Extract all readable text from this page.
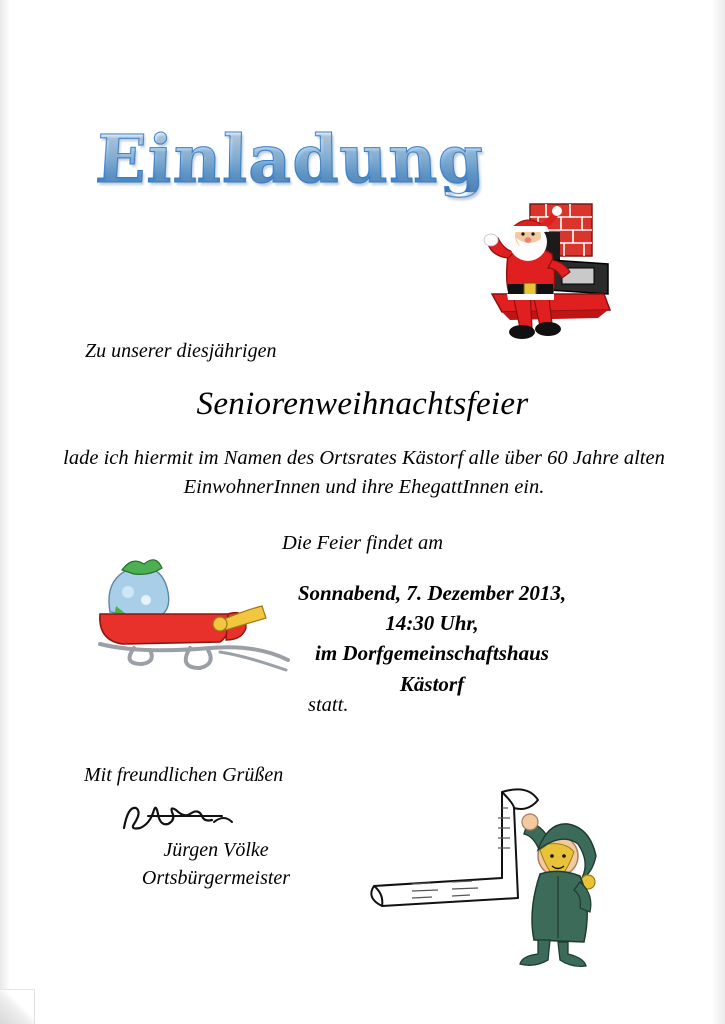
Einladung
Zu unserer diesjährigen
Seniorenweihnachtsfeier
lade ich hiermit im Namen des Ortsrates Kästorf alle über 60 Jahre alten EinwohnerInnen und ihre EhegattInnen ein.
Die Feier findet am
Sonnabend, 7. Dezember 2013,
14:30 Uhr,
im Dorfgemeinschaftshaus
Kästorf
statt.
Mit freundlichen Grüßen
Jürgen Völke
Ortsbürgermeister
